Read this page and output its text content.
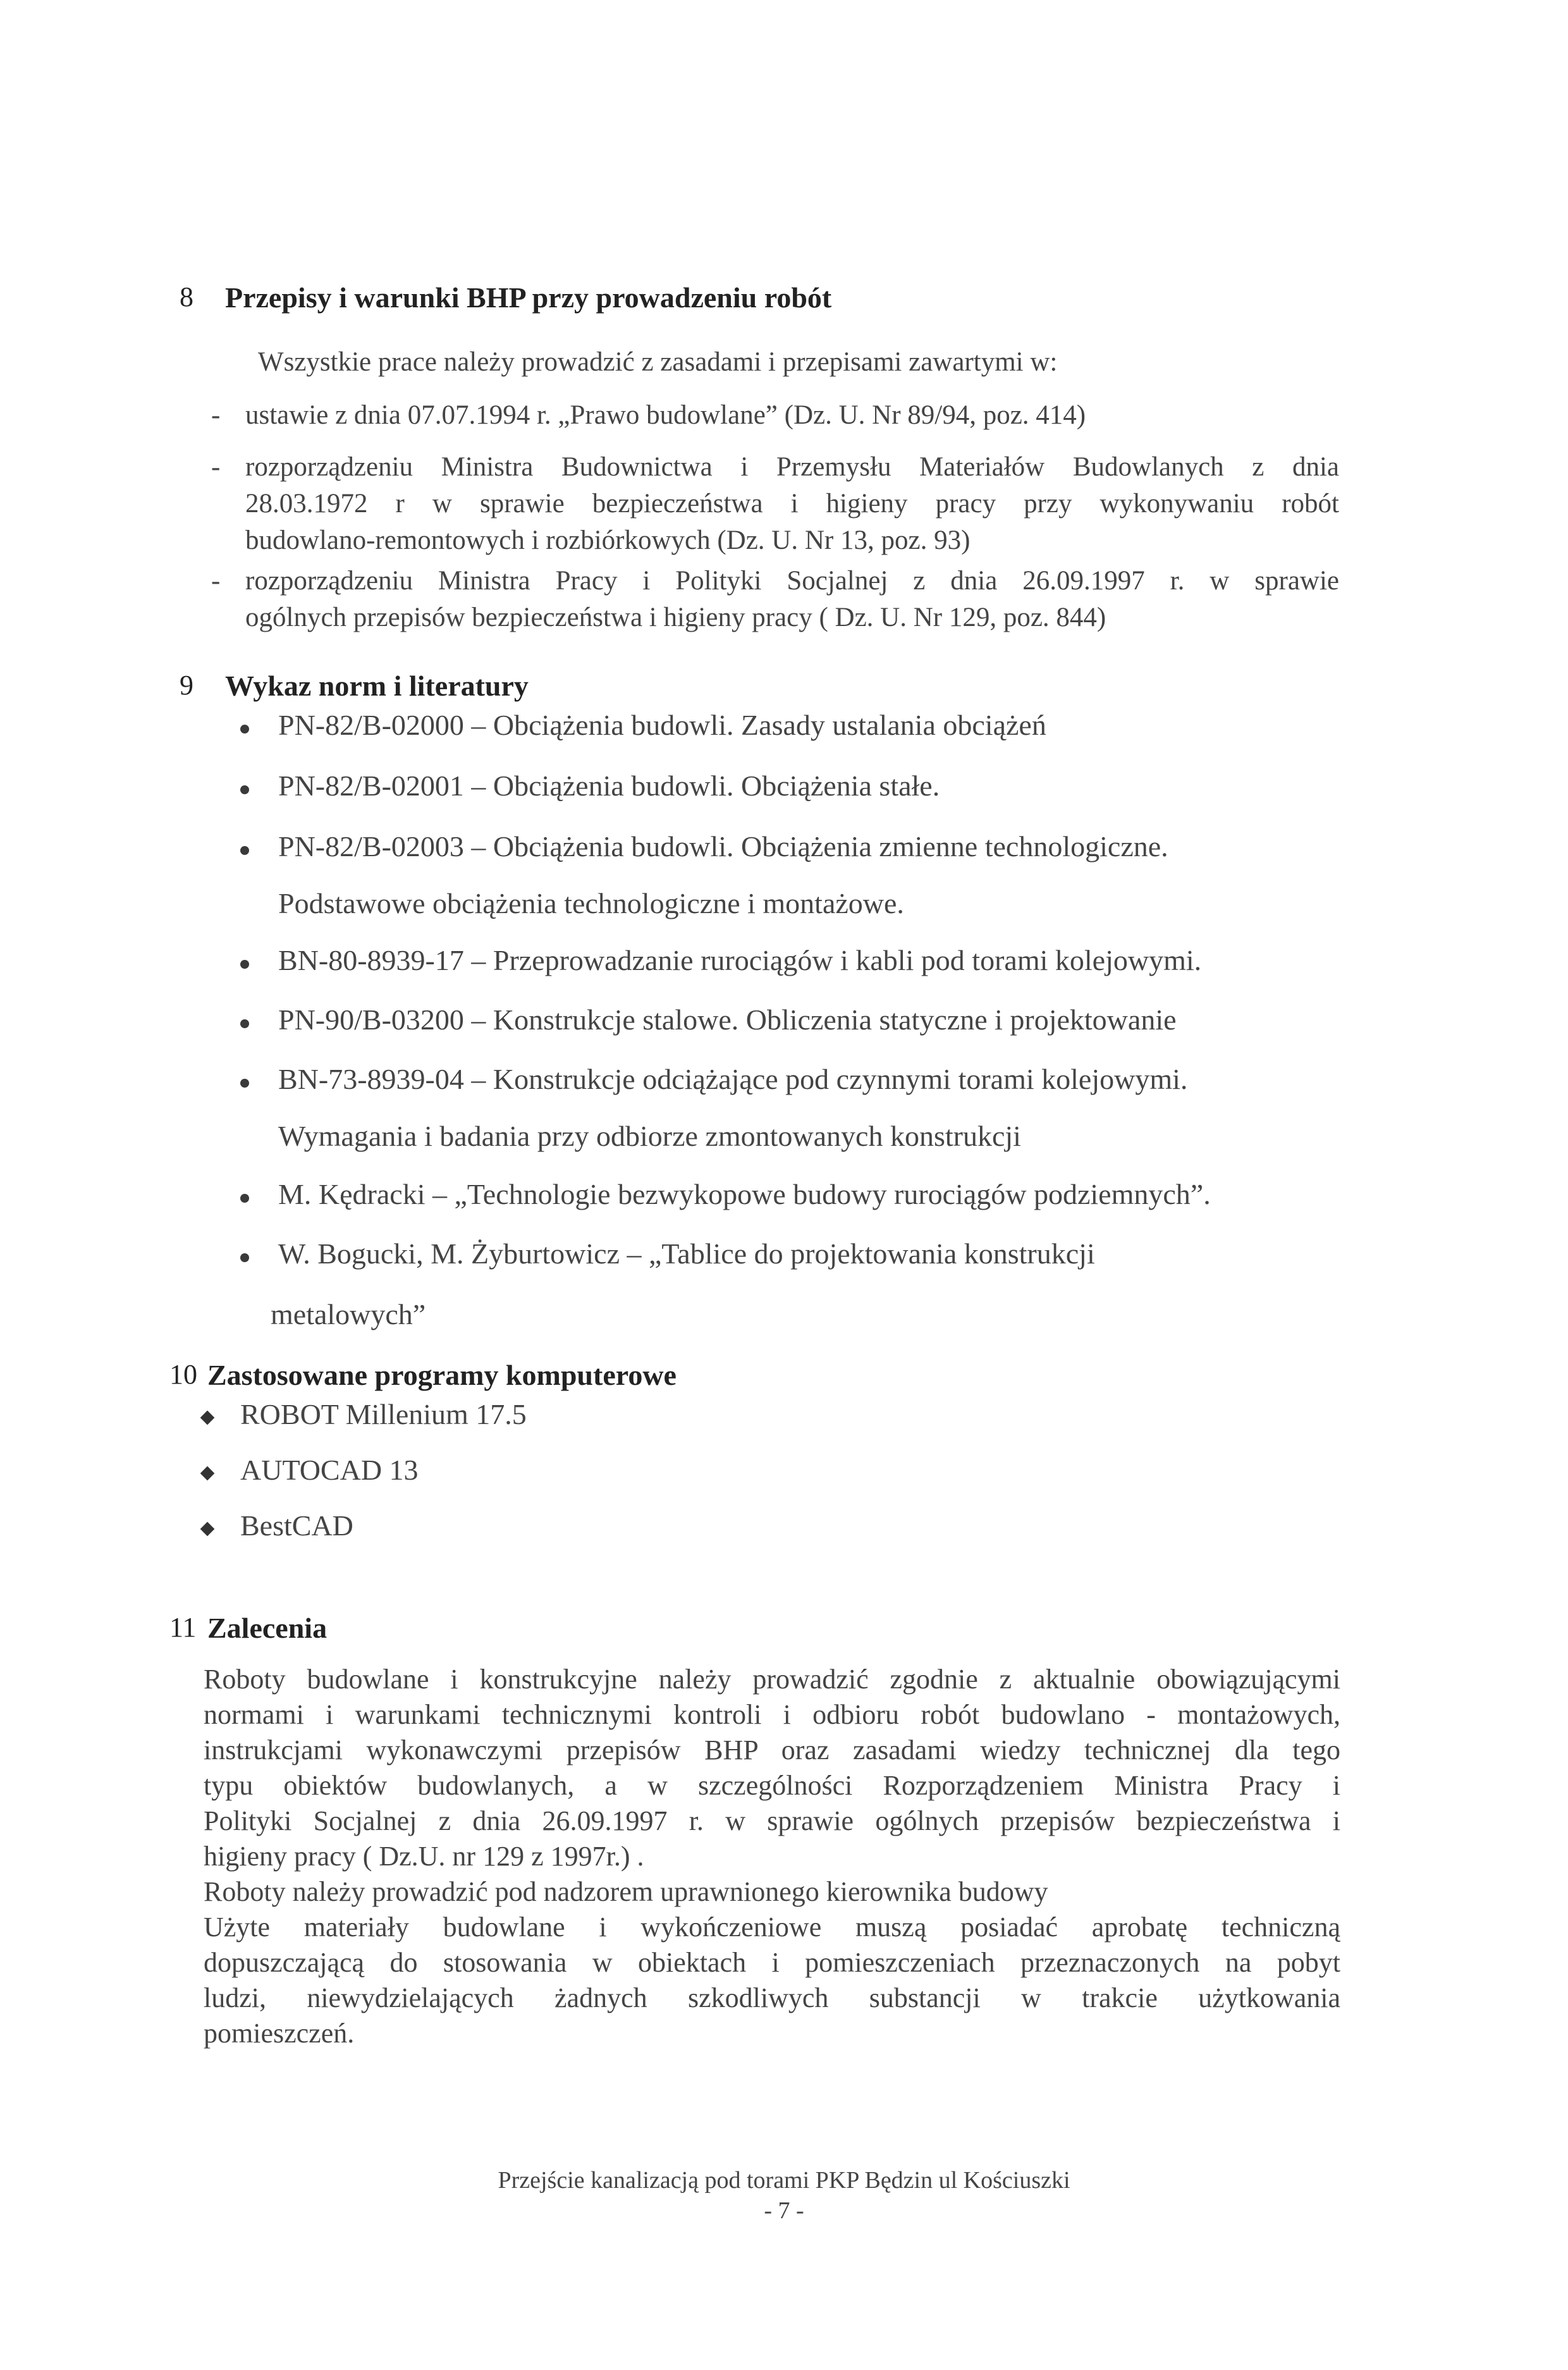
8 Przepisy i warunki BHP przy prowadzeniu robót
Wszystkie prace należy prowadzić z zasadami i przepisami zawartymi w:
- ustawie z dnia 07.07.1994 r. „Prawo budowlane” (Dz. U. Nr 89/94, poz. 414)
- rozporządzeniu Ministra Budownictwa i Przemysłu Materiałów Budowlanych z dnia
28.03.1972 r w sprawie bezpieczeństwa i higieny pracy przy wykonywaniu robót
budowlano-remontowych i rozbiórkowych (Dz. U. Nr 13, poz. 93)
- rozporządzeniu Ministra Pracy i Polityki Socjalnej z dnia 26.09.1997 r. w sprawie
ogólnych przepisów bezpieczeństwa i higieny pracy ( Dz. U. Nr 129, poz. 844)
9 Wykaz norm i literatury
PN-82/B-02000 – Obciążenia budowli. Zasady ustalania obciążeń
PN-82/B-02001 – Obciążenia budowli. Obciążenia stałe.
PN-82/B-02003 – Obciążenia budowli. Obciążenia zmienne technologiczne.
Podstawowe obciążenia technologiczne i montażowe.
BN-80-8939-17 – Przeprowadzanie rurociągów i kabli pod torami kolejowymi.
PN-90/B-03200 – Konstrukcje stalowe. Obliczenia statyczne i projektowanie
BN-73-8939-04 – Konstrukcje odciążające pod czynnymi torami kolejowymi.
Wymagania i badania przy odbiorze zmontowanych konstrukcji
M. Kędracki – „Technologie bezwykopowe budowy rurociągów podziemnych”.
W. Bogucki, M. Żyburtowicz – „Tablice do projektowania konstrukcji
metalowych”
10 Zastosowane programy komputerowe
ROBOT Millenium 17.5
AUTOCAD 13
BestCAD
11 Zalecenia
Roboty budowlane i konstrukcyjne należy prowadzić zgodnie z aktualnie obowiązującymi
normami i warunkami technicznymi kontroli i odbioru robót budowlano - montażowych,
instrukcjami wykonawczymi przepisów BHP oraz zasadami wiedzy technicznej dla tego
typu obiektów budowlanych, a w szczególności Rozporządzeniem Ministra Pracy i
Polityki Socjalnej z dnia 26.09.1997 r. w sprawie ogólnych przepisów bezpieczeństwa i
higieny pracy ( Dz.U. nr 129 z 1997r.) .
Roboty należy prowadzić pod nadzorem uprawnionego kierownika budowy
Użyte materiały budowlane i wykończeniowe muszą posiadać aprobatę techniczną
dopuszczającą do stosowania w obiektach i pomieszczeniach przeznaczonych na pobyt
ludzi, niewydzielających żadnych szkodliwych substancji w trakcie użytkowania
pomieszczeń.
Przejście kanalizacją pod torami PKP Będzin ul Kościuszki
- 7 -
